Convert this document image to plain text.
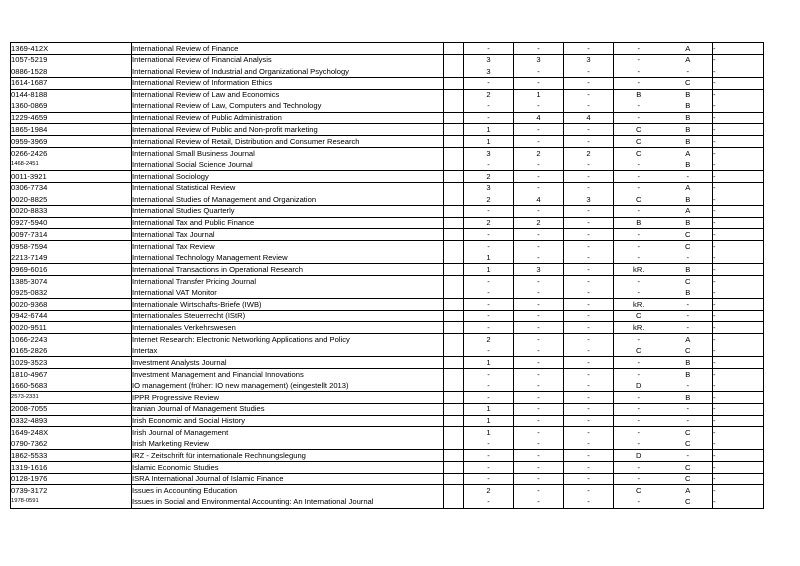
1369-412X	International Review of Finance		-	-	-	-	A	-
1057-5219	International Review of Financial Analysis		3	3	3	-	A	-
0886-1528	International Review of Industrial and Organizational Psychology		3	-	-	-	-	-
1614-1687	International Review of Information Ethics		-	-	-	-	C	-
0144-8188	International Review of Law and Economics		2	1	-	B	B	-
1360-0869	International Review of Law, Computers and Technology		-	-	-	-	B	-
1229-4659	International Review of Public Administration		-	4	4	-	B	-
1865-1984	International Review of Public and Non-profit marketing		1	-	-	C	B	-
0959-3969	International Review of Retail, Distribution and Consumer Research		1	-	-	C	B	-
0266-2426	International Small Business Journal		3	2	2	C	A	-
1468-2451	International Social Science Journal		-	-	-	-	B	-
0011-3921	International Sociology		2	-	-	-	-	-
0306-7734	International Statistical Review		3	-	-	-	A	-
0020-8825	International Studies of Management and Organization		2	4	3	C	B	-
0020-8833	International Studies Quarterly		-	-	-	-	A	-
0927-5940	International Tax and Public Finance		2	2	-	B	B	-
0097-7314	International Tax Journal		-	-	-	-	C	-
0958-7594	International Tax Review		-	-	-	-	C	-
2213-7149	International Technology Management Review		1	-	-	-	-	-
0969-6016	International Transactions in Operational Research		1	3	-	kR.	B	-
1385-3074	International Transfer Pricing Journal		-	-	-	-	C	-
0925-0832	International VAT Monitor		-	-	-	-	B	-
0020-9368	Internationale Wirtschafts-Briefe (IWB)		-	-	-	kR.	-	-
0942-6744	Internationales Steuerrecht (IStR)		-	-	-	C	-	-
0020-9511	Internationales Verkehrswesen		-	-	-	kR.	-	-
1066-2243	Internet Research: Electronic Networking Applications and Policy		2	-	-	-	A	-
0165-2826	Intertax		-	-	-	C	C	-
1029-3523	Investment Analysts Journal		1	-	-	-	B	-
1810-4967	Investment Management and Financial Innovations		-	-	-	-	B	-
1660-5683	IO management (früher: IO new management) (eingestellt 2013)		-	-	-	D	-	-
2573-2331	IPPR Progressive Review		-	-	-	-	B	-
2008-7055	Iranian Journal of Management Studies		1	-	-	-	-	-
0332-4893	Irish Economic and Social History		1	-	-	-	-	-
1649-248X	Irish Journal of Management		1	-	-	-	C	-
0790-7362	Irish Marketing Review		-	-	-	-	C	-
1862-5533	IRZ - Zeitschrift für internationale Rechnungslegung		-	-	-	D	-	-
1319-1616	Islamic Economic Studies		-	-	-	-	C	-
0128-1976	ISRA International Journal of Islamic Finance		-	-	-	-	C	-
0739-3172	Issues in Accounting Education		2	-	-	C	A	-
1978-0591	Issues in Social and Environmental Accounting: An International Journal		-	-	-	-	C	-
